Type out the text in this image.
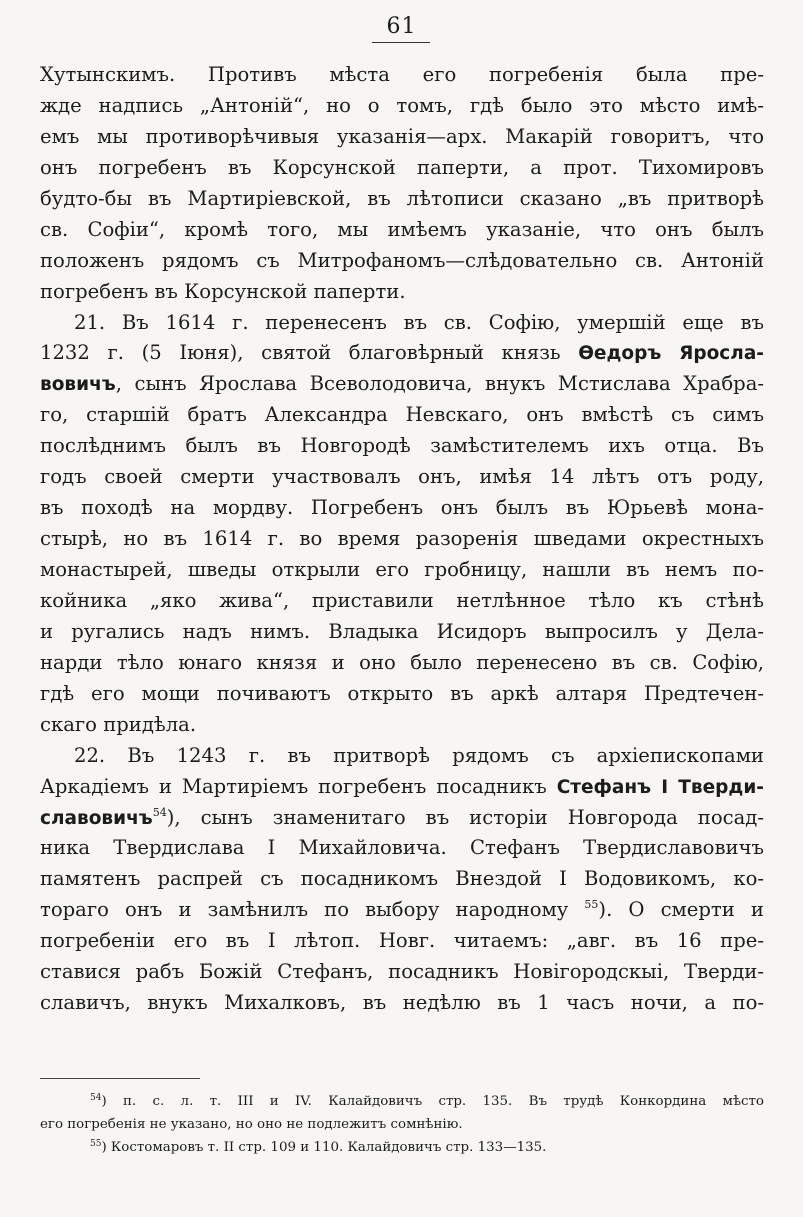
61
Хутынскимъ. Противъ мѣста его погребенія была пре-
жде надпись „Антоній“, но о томъ, гдѣ было это мѣсто имѣ-
емъ мы противорѣчивыя указанія—арх. Макарій говоритъ, что
онъ погребенъ въ Корсунской паперти, а прот. Тихомировъ
будто-бы въ Мартиріевской, въ лѣтописи сказано „въ притворѣ
св. Софіи“, кромѣ того, мы имѣемъ указаніе, что онъ былъ
положенъ рядомъ съ Митрофаномъ—слѣдовательно св. Антоній
погребенъ въ Корсунской паперти.
21. Въ 1614 г. перенесенъ въ св. Софію, умершій еще въ
1232 г. (5 Іюня), святой благовѣрный князь Ѳедоръ Яросла-
вовичъ, сынъ Ярослава Всеволодовича, внукъ Мстислава Храбра-
го, старшій братъ Александра Невскаго, онъ вмѣстѣ съ симъ
послѣднимъ былъ въ Новгородѣ замѣстителемъ ихъ отца. Въ
годъ своей смерти участвовалъ онъ, имѣя 14 лѣтъ отъ роду,
въ походѣ на мордву. Погребенъ онъ былъ въ Юрьевѣ мона-
стырѣ, но въ 1614 г. во время разоренія шведами окрестныхъ
монастырей, шведы открыли его гробницу, нашли въ немъ по-
койника „яко жива“, приставили нетлѣнное тѣло къ стѣнѣ
и ругались надъ нимъ. Владыка Исидоръ выпросилъ у Дела-
нарди тѣло юнаго князя и оно было перенесено въ св. Софію,
гдѣ его мощи почиваютъ открыто въ аркѣ алтаря Предтечен-
скаго придѣла.
22. Въ 1243 г. въ притворѣ рядомъ съ архіепископами
Аркадіемъ и Мартиріемъ погребенъ посадникъ Стефанъ I Тверди-
славовичъ$^{54}$), сынъ знаменитаго въ исторіи Новгорода посад-
ника Твердислава I Михайловича. Стефанъ Твердиславовичъ
памятенъ распрей съ посадникомъ Внездой I Водовикомъ, ко-
тораго онъ и замѣнилъ по выбору народному $^{55}$). О смерти и
погребеніи его въ I лѣтоп. Новг. читаемъ: „авг. въ 16 пре-
ставися рабъ Божій Стефанъ, посадникъ Новігородскыі, Тверди-
славичъ, внукъ Михалковъ, въ недѣлю въ 1 часъ ночи, а по-
$^{54}$) п. с. л. т. III и IV. Калайдовичъ стр. 135. Въ трудѣ Конкордина мѣсто
его погребенія не указано, но оно не подлежитъ сомнѣнію.
$^{55}$) Костомаровъ т. II стр. 109 и 110. Калайдовичъ стр. 133—135.
